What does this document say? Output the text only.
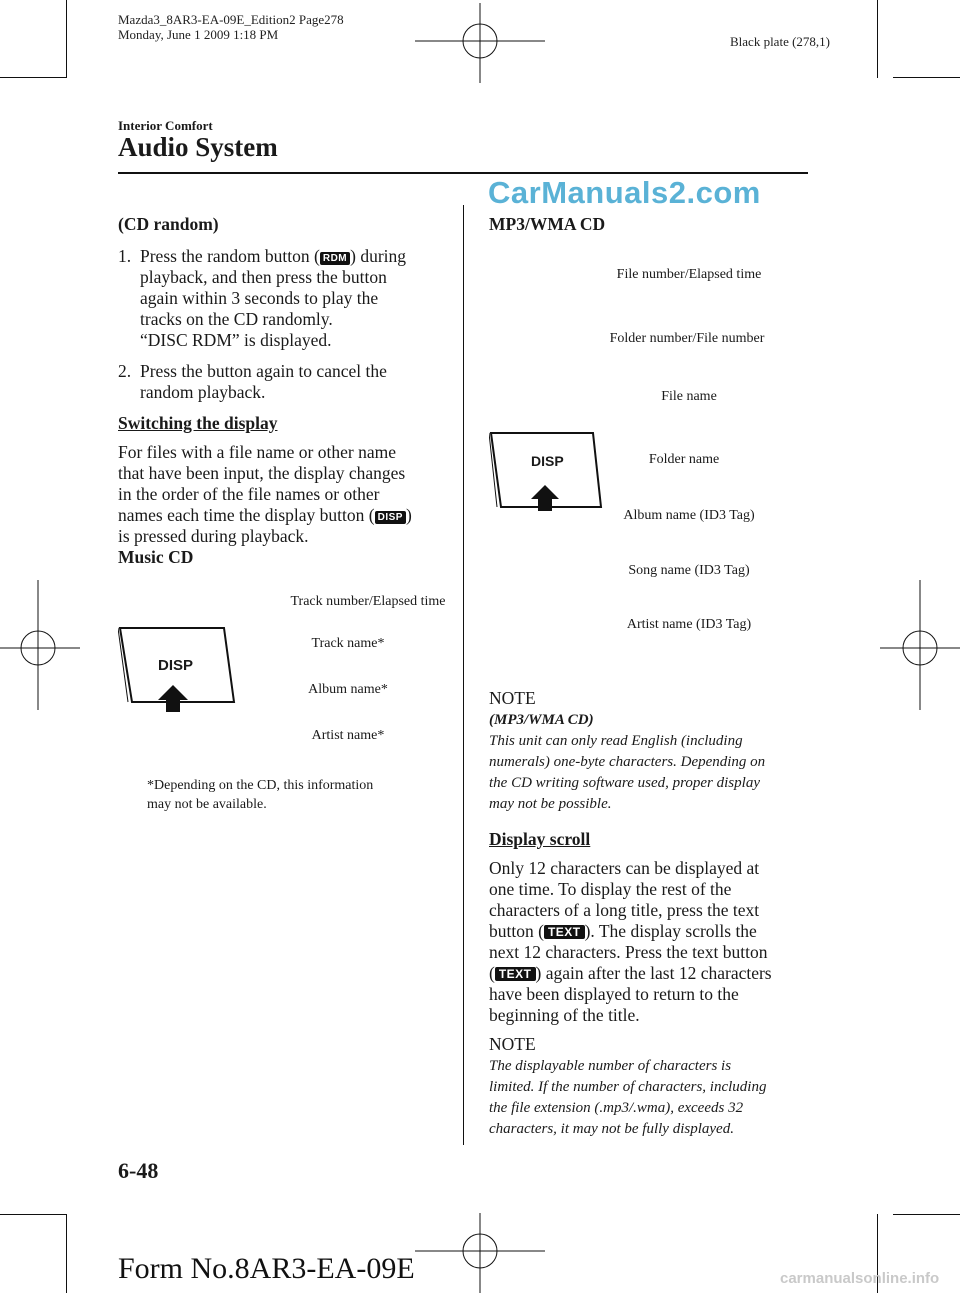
Mazda3_8AR3-EA-09E_Edition2 Page278
Monday, June 1 2009 1:18 PM	Black plate (278,1)
Interior Comfort
Audio System
CarManuals2.com
(CD random)
1. Press the random button ( RDM ) during
playback, and then press the button
again within 3 seconds to play the
tracks on the CD randomly.
“DISC RDM” is displayed.
2. Press the button again to cancel the
random playback.
Switching the display
For files with a file name or other name
that have been input, the display changes
in the order of the file names or other
names each time the display button ( DISP )
is pressed during playback.
Music CD
DISP
Track number/Elapsed time
Track name*
Album name*
Artist name*
*Depending on the CD, this information
may not be available.
MP3/WMA CD
DISP
File number/Elapsed time
Folder number/File number
File name
Folder name
Album name (ID3 Tag)
Song name (ID3 Tag)
Artist name (ID3 Tag)
NOTE
(MP3/WMA CD)
This unit can only read English (including
numerals) one-byte characters. Depending on
the CD writing software used, proper display
may not be possible.
Display scroll
Only 12 characters can be displayed at
one time. To display the rest of the
characters of a long title, press the text
button ( TEXT ). The display scrolls the
next 12 characters. Press the text button
( TEXT ) again after the last 12 characters
have been displayed to return to the
beginning of the title.
NOTE
The displayable number of characters is
limited. If the number of characters, including
the file extension (.mp3/.wma), exceeds 32
characters, it may not be fully displayed.
6-48
Form No.8AR3-EA-09E	carmanualsonline.info
